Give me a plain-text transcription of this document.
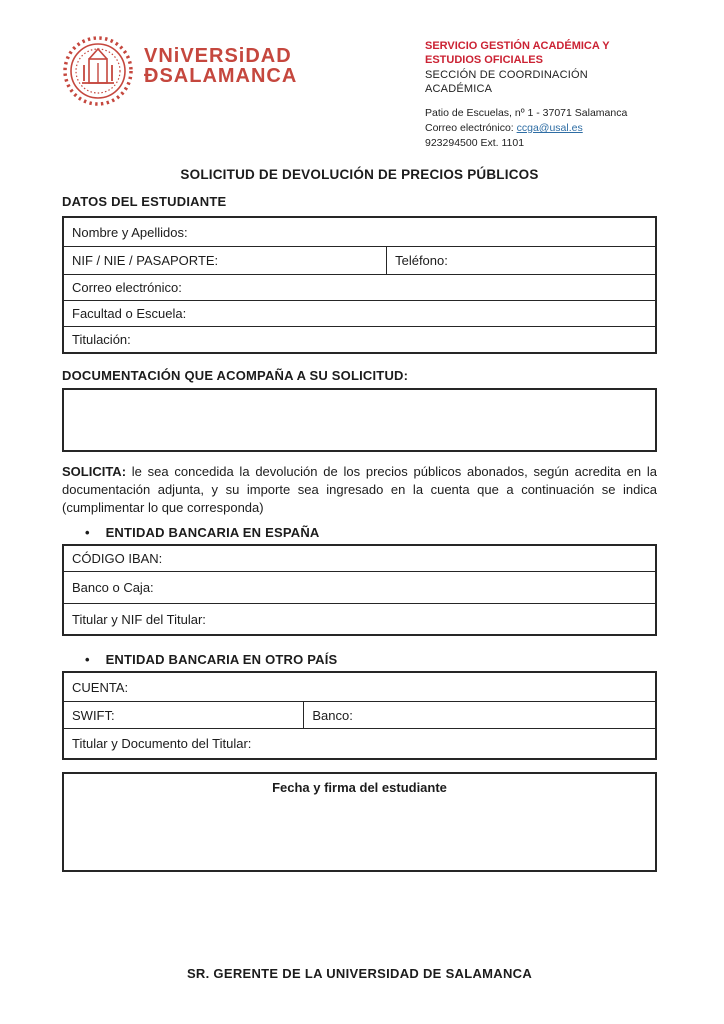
VNiVERSiDAD
ĐSALAMANCA
SERVICIO GESTIÓN ACADÉMICA Y ESTUDIOS OFICIALES
SECCIÓN DE COORDINACIÓN ACADÉMICA
Patio de Escuelas, nº 1 - 37071 Salamanca
Correo electrónico: ccga@usal.es
923294500 Ext. 1101
SOLICITUD DE DEVOLUCIÓN DE PRECIOS PÚBLICOS
DATOS DEL ESTUDIANTE
Nombre y Apellidos:
NIF / NIE / PASAPORTE:	Teléfono:
Correo electrónico:
Facultad o Escuela:
Titulación:
DOCUMENTACIÓN QUE ACOMPAÑA A SU SOLICITUD:
SOLICITA: le sea concedida la devolución de los precios públicos abonados, según acredita en la documentación adjunta, y su importe sea ingresado en la cuenta que a continuación se indica (cumplimentar lo que corresponda)
• ENTIDAD BANCARIA EN ESPAÑA
CÓDIGO IBAN:
Banco o Caja:
Titular y NIF del Titular:
• ENTIDAD BANCARIA EN OTRO PAÍS
CUENTA:
SWIFT:	Banco:
Titular y Documento del Titular:
Fecha y firma del estudiante
SR. GERENTE DE LA UNIVERSIDAD DE SALAMANCA
